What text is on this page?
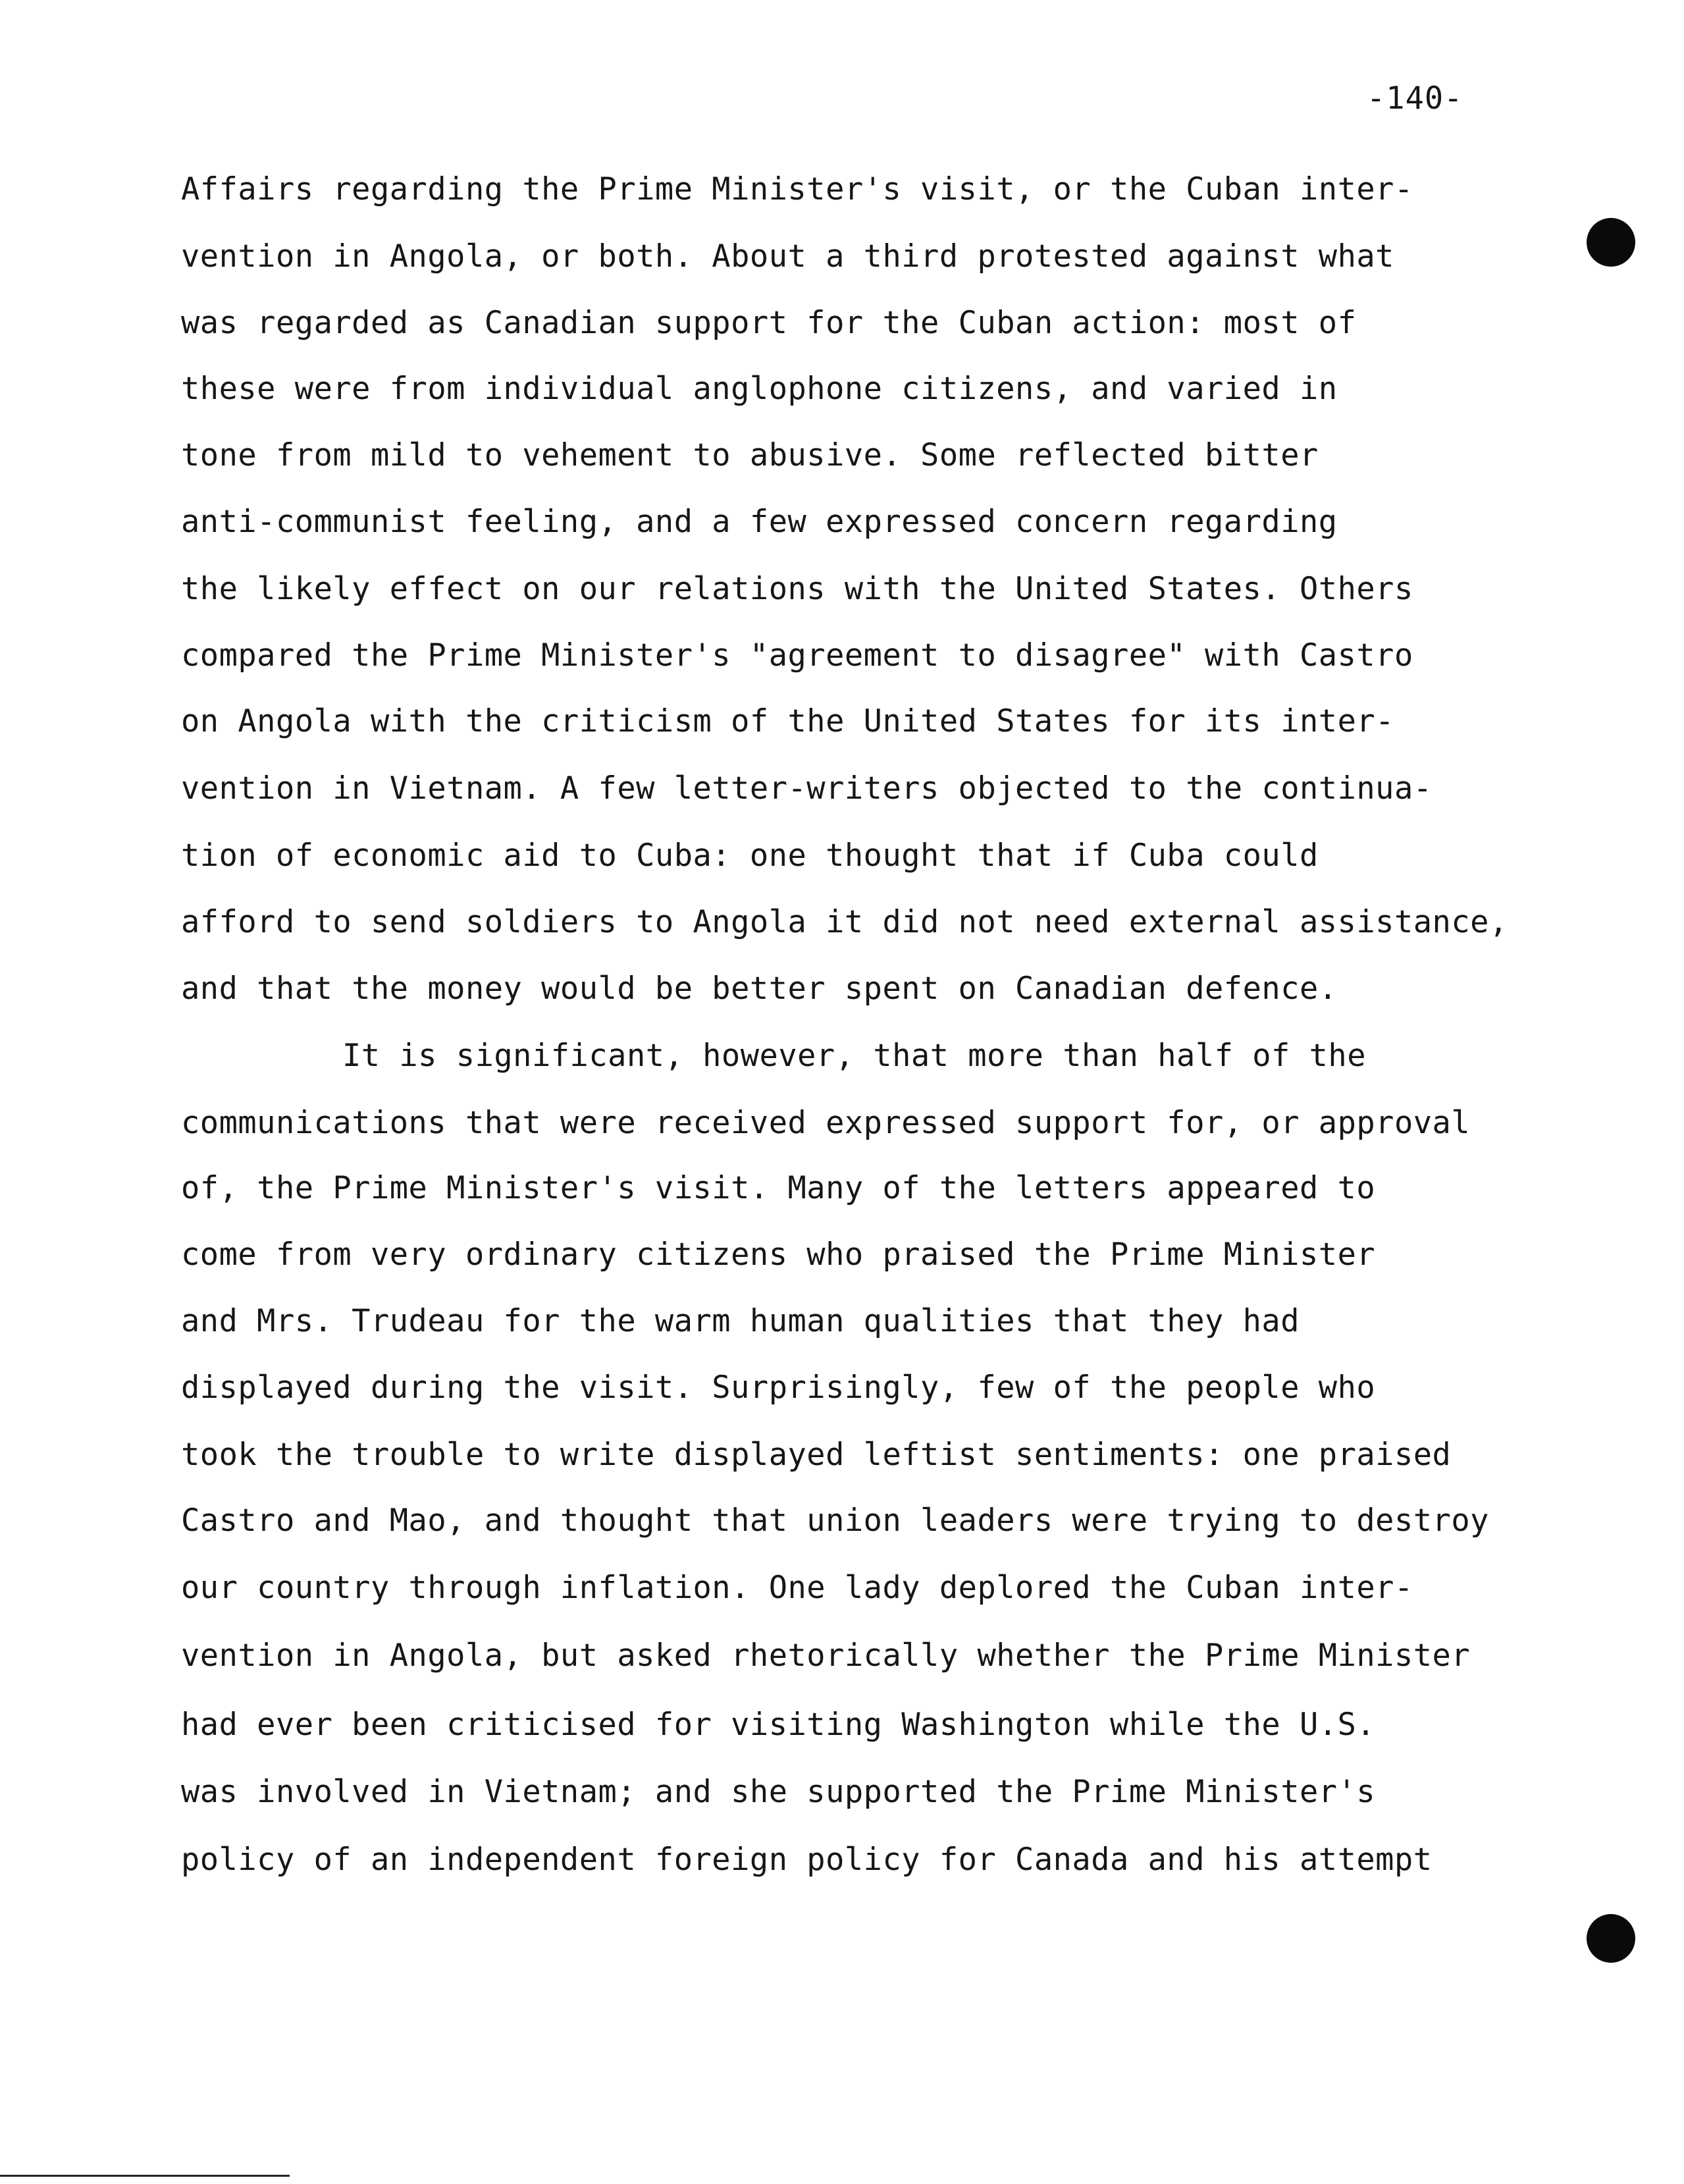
-140-
Affairs regarding the Prime Minister's visit, or the Cuban inter-
vention in Angola, or both. About a third protested against what
was regarded as Canadian support for the Cuban action: most of
these were from individual anglophone citizens, and varied in
tone from mild to vehement to abusive. Some reflected bitter
anti-communist feeling, and a few expressed concern regarding
the likely effect on our relations with the United States. Others
compared the Prime Minister's "agreement to disagree" with Castro
on Angola with the criticism of the United States for its inter-
vention in Vietnam. A few letter-writers objected to the continua-
tion of economic aid to Cuba: one thought that if Cuba could
afford to send soldiers to Angola it did not need external assistance,
and that the money would be better spent on Canadian defence.
It is significant, however, that more than half of the
communications that were received expressed support for, or approval
of, the Prime Minister's visit. Many of the letters appeared to
come from very ordinary citizens who praised the Prime Minister
and Mrs. Trudeau for the warm human qualities that they had
displayed during the visit. Surprisingly, few of the people who
took the trouble to write displayed leftist sentiments: one praised
Castro and Mao, and thought that union leaders were trying to destroy
our country through inflation. One lady deplored the Cuban inter-
vention in Angola, but asked rhetorically whether the Prime Minister
had ever been criticised for visiting Washington while the U.S.
was involved in Vietnam; and she supported the Prime Minister's
policy of an independent foreign policy for Canada and his attempt
